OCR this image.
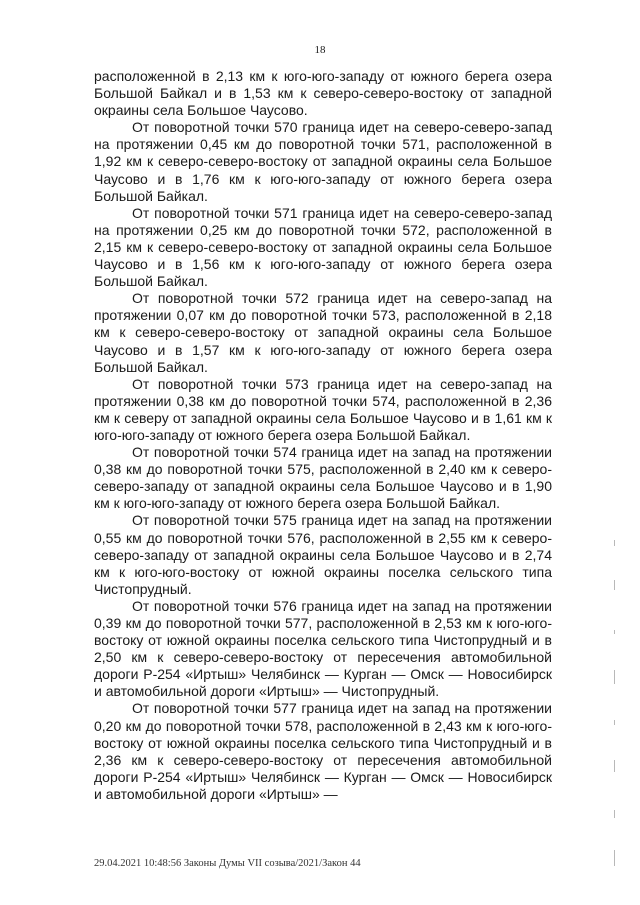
18

расположенной в 2,13 км к юго-юго-западу от южного берега озера Большой Байкал и в 1,53 км к северо-северо-востоку от западной окраины села Большое Чаусово.

От поворотной точки 570 граница идет на северо-северо-запад на протяжении 0,45 км до поворотной точки 571, расположенной в 1,92 км к северо-северо-востоку от западной окраины села Большое Чаусово и в 1,76 км к юго-юго-западу от южного берега озера Большой Байкал.

От поворотной точки 571 граница идет на северо-северо-запад на протяжении 0,25 км до поворотной точки 572, расположенной в 2,15 км к северо-северо-востоку от западной окраины села Большое Чаусово и в 1,56 км к юго-юго-западу от южного берега озера Большой Байкал.

От поворотной точки 572 граница идет на северо-запад на протяжении 0,07 км до поворотной точки 573, расположенной в 2,18 км к северо-северо-востоку от западной окраины села Большое Чаусово и в 1,57 км к юго-юго-западу от южного берега озера Большой Байкал.

От поворотной точки 573 граница идет на северо-запад на протяжении 0,38 км до поворотной точки 574, расположенной в 2,36 км к северу от западной окраины села Большое Чаусово и в 1,61 км к юго-юго-западу от южного берега озера Большой Байкал.

От поворотной точки 574 граница идет на запад на протяжении 0,38 км до поворотной точки 575, расположенной в 2,40 км к северо-северо-западу от западной окраины села Большое Чаусово и в 1,90 км к юго-юго-западу от южного берега озера Большой Байкал.

От поворотной точки 575 граница идет на запад на протяжении 0,55 км до поворотной точки 576, расположенной в 2,55 км к северо-северо-западу от западной окраины села Большое Чаусово и в 2,74 км к юго-юго-востоку от южной окраины поселка сельского типа Чистопрудный.

От поворотной точки 576 граница идет на запад на протяжении 0,39 км до поворотной точки 577, расположенной в 2,53 км к юго-юго-востоку от южной окраины поселка сельского типа Чистопрудный и в 2,50 км к северо-северо-востоку от пересечения автомобильной дороги Р-254 «Иртыш» Челябинск — Курган — Омск — Новосибирск и автомобильной дороги «Иртыш» — Чистопрудный.

От поворотной точки 577 граница идет на запад на протяжении 0,20 км до поворотной точки 578, расположенной в 2,43 км к юго-юго-востоку от южной окраины поселка сельского типа Чистопрудный и в 2,36 км к северо-северо-востоку от пересечения автомобильной дороги Р-254 «Иртыш» Челябинск — Курган — Омск — Новосибирск и автомобильной дороги «Иртыш» —

29.04.2021 10:48:56 Законы Думы VII созыва/2021/Закон 44
